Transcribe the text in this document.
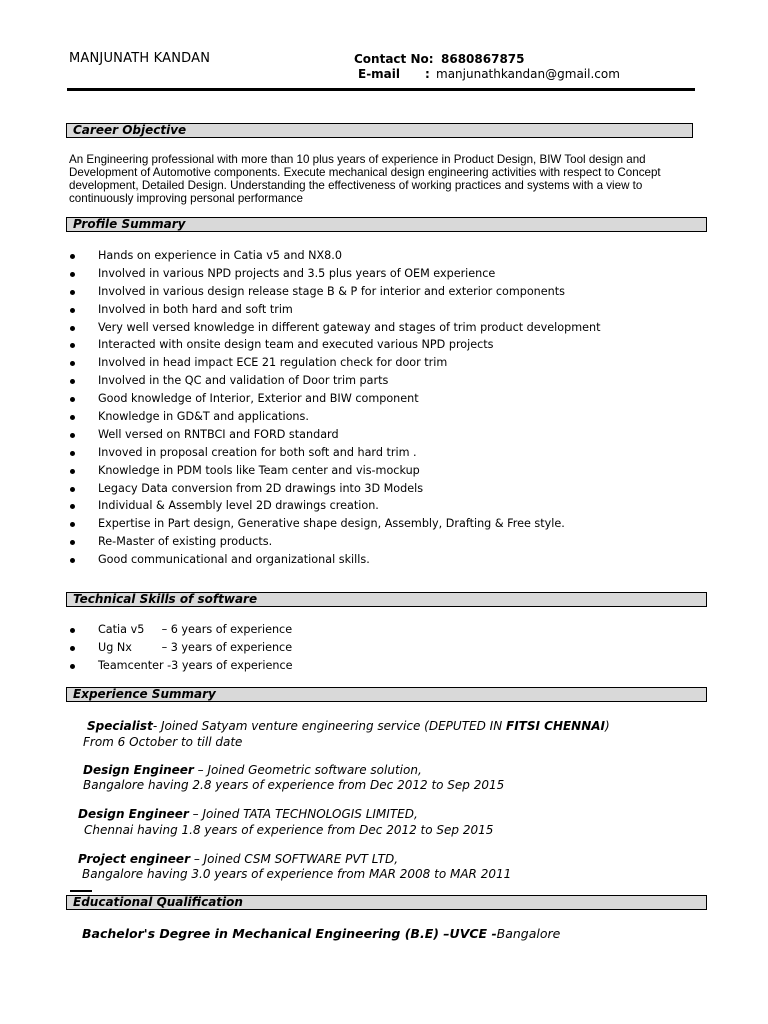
MANJUNATH KANDAN	Contact No: 8680867875
E-mail : manjunathkandan@gmail.com
Career Objective
An Engineering professional with more than 10 plus years of experience in Product Design, BIW Tool design and Development of Automotive components. Execute mechanical design engineering activities with respect to Concept development, Detailed Design. Understanding the effectiveness of working practices and systems with a view to continuously improving personal performance
Profile Summary
Hands on experience in Catia v5 and NX8.0
Involved in various NPD projects and 3.5 plus years of OEM experience
Involved in various design release stage B & P for interior and exterior components
Involved in both hard and soft trim
Very well versed knowledge in different gateway and stages of trim product development
Interacted with onsite design team and executed various NPD projects
Involved in head impact ECE 21 regulation check for door trim
Involved in the QC and validation of Door trim parts
Good knowledge of Interior, Exterior and BIW component
Knowledge in GD&T and applications.
Well versed on RNTBCI and FORD standard
Invoved in proposal creation for both soft and hard trim .
Knowledge in PDM tools like Team center and vis-mockup
Legacy Data conversion from 2D drawings into 3D Models
Individual & Assembly level 2D drawings creation.
Expertise in Part design, Generative shape design, Assembly, Drafting & Free style.
Re-Master of existing products.
Good communicational and organizational skills.
Technical Skills of software
Catia v5 – 6 years of experience
Ug Nx	– 3 years of experience
Teamcenter -3 years of experience
Experience Summary
Specialist- Joined Satyam venture engineering service (DEPUTED IN FITSI CHENNAI)
From 6 October to till date
Design Engineer – Joined Geometric software solution,
Bangalore having 2.8 years of experience from Dec 2012 to Sep 2015
Design Engineer – Joined TATA TECHNOLOGIS LIMITED,
Chennai having 1.8 years of experience from Dec 2012 to Sep 2015
Project engineer – Joined CSM SOFTWARE PVT LTD,
Bangalore having 3.0 years of experience from MAR 2008 to MAR 2011
Educational Qualification
Bachelor's Degree in Mechanical Engineering (B.E) –UVCE -Bangalore
